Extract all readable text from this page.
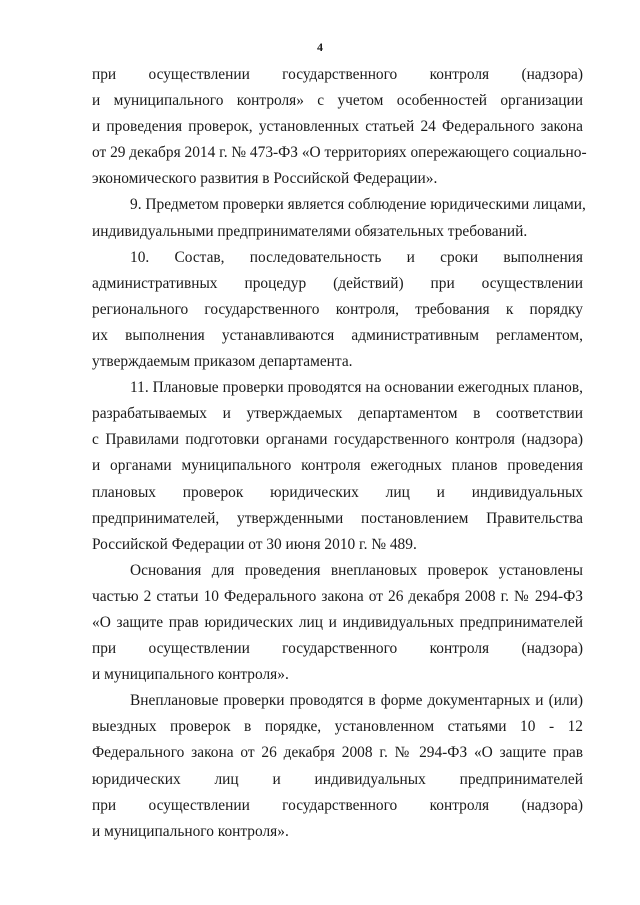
4
при осуществлении государственного контроля (надзора)
и муниципального контроля» с учетом особенностей организации
и проведения проверок, установленных статьей 24 Федерального закона
от 29 декабря 2014 г. № 473-ФЗ «О территориях опережающего социально-
экономического развития в Российской Федерации».
9. Предметом проверки является соблюдение юридическими лицами,
индивидуальными предпринимателями обязательных требований.
10. Состав, последовательность и сроки выполнения
административных процедур (действий) при осуществлении
регионального государственного контроля, требования к порядку
их выполнения устанавливаются административным регламентом,
утверждаемым приказом департамента.
11. Плановые проверки проводятся на основании ежегодных планов,
разрабатываемых и утверждаемых департаментом в соответствии
с Правилами подготовки органами государственного контроля (надзора)
и органами муниципального контроля ежегодных планов проведения
плановых проверок юридических лиц и индивидуальных
предпринимателей, утвержденными постановлением Правительства
Российской Федерации от 30 июня 2010 г. № 489.
Основания для проведения внеплановых проверок установлены
частью 2 статьи 10 Федерального закона от 26 декабря 2008 г. № 294-ФЗ
«О защите прав юридических лиц и индивидуальных предпринимателей
при осуществлении государственного контроля (надзора)
и муниципального контроля».
Внеплановые проверки проводятся в форме документарных и (или)
выездных проверок в порядке, установленном статьями 10 - 12
Федерального закона от 26 декабря 2008 г. № 294-ФЗ «О защите прав
юридических лиц и индивидуальных предпринимателей
при осуществлении государственного контроля (надзора)
и муниципального контроля».
